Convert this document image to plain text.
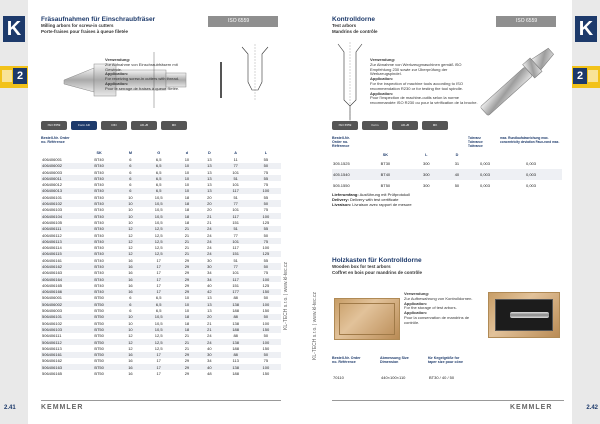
K
2
2.41
Fräsaufnahmen für Einschraubfräser
Milling arbors for screw-in cutters
Porte-fraises pour fraises à queue filetée
ISO 6559
Verwendung:
Zur Aufnahme von Einschraubfräsern mit Gewinde.
Application:
For receiving screw-in cutters with thread.
Application:
Pour le serrage de fraises à queue filetée.
ISO 6559	Form AD	DIN	AD+B	MK
Bestell-Nr. Order no. Référence
	SK	M	G	d	D	A	L
406406001	BT40	6	6,5	10	13	11	55
406406002	BT40	6	6,5	10	13	77	50
406406003	BT40	6	6,5	10	13	101	75
406406011	BT40	6	6,5	10	13	51	55
406406012	BT40	6	6,5	10	13	101	75
406406013	BT40	6	6,5	10	13	117	100
406406101	BT40	10	10,5	18	20	51	55
406406102	BT40	10	10,5	18	20	77	50
406406103	BT40	10	10,5	18	20	101	75
406406104	BT40	10	10,5	18	21	117	100
406406105	BT40	10	10,5	18	21	151	125
406406111	BT40	12	12,5	21	24	51	55
406406112	BT40	12	12,5	21	24	77	50
406406113	BT40	12	12,5	21	24	101	75
406406114	BT40	12	12,5	21	24	117	100
406406115	BT40	12	12,5	21	24	151	125
406406161	BT40	16	17	29	30	51	55
406406162	BT40	16	17	29	30	77	50
406406163	BT40	16	17	29	34	101	75
406406164	BT40	16	17	29	34	117	100
406406165	BT40	16	17	29	40	151	125
406406166	BT40	16	17	29	42	177	150
506406001	BT50	6	6,5	10	13	88	50
506406002	BT50	6	6,5	10	13	138	100
506406003	BT50	6	6,5	10	13	188	150
506406101	BT50	10	10,5	18	20	88	50
506406102	BT50	10	10,5	18	21	138	100
506406103	BT50	10	10,5	18	21	188	150
506406111	BT50	12	12,5	21	24	88	50
506406112	BT50	12	12,5	21	24	138	100
506406113	BT50	12	12,5	21	40	188	150
506406161	BT50	16	17	29	30	88	50
506406162	BT50	16	17	29	34	113	75
506406163	BT50	16	17	29	40	138	100
506406165	BT50	16	17	29	48	188	150
KEMMLER
KL-TECH s.r.o. | www.kl-tec.cz
K
2
2.42
Kontrolldorne
Test arbors
Mandrins de contrôle
ISO 6559
Verwendung:
Zur Abnahme von Werkzeugmaschinen gemäß ISO Empfehlung 230 sowie zur Überprüfung der Werkzeugspindel.
Application:
For the inspection of machine tools according to ISO recommendation R230 or for testing the tool spindle.
Application:
Pour l'inspection de machine-outils selon la norme recommandée ISO R230 ou pour la vérification de la broche.
ISO 6559	Form	AD+B	MK
Bestell-Nr. Order no. Référence
Toleranz Tolerance Tolérance
max. Rundlaufabweichung max. concentricity deviation Faux-rond max.
	SK	L	D		
305.1525	BT30	300	31	0,003	0,003
405.1540	BT40	300	40	0,003	0,003
505.1550	BT50	300	50	0,003	0,003
Lieferumfang: Ausführung mit Prüfprotokoll
Delivery: Delivery with test certificate
Livraison: Livraison avec rapport de mesure
Holzkasten für Kontrolldorne
Wooden box for test arbors
Coffret en bois pour mandrins de contrôle
Verwendung:
Zur Aufbewahrung von Kontrolldornen.
Application:
For the storage of test arbors.
Application:
Pour la conservation de mandrins de contrôle.
Bestell-Nr. Order no. Référence
Abmessung Size Dimension
für Kegelgröße for taper size pour cône
70110	440×100×110	BT30 / 40 / 50
KEMMLER
KL-TECH s.r.o. | www.kl-tec.cz
